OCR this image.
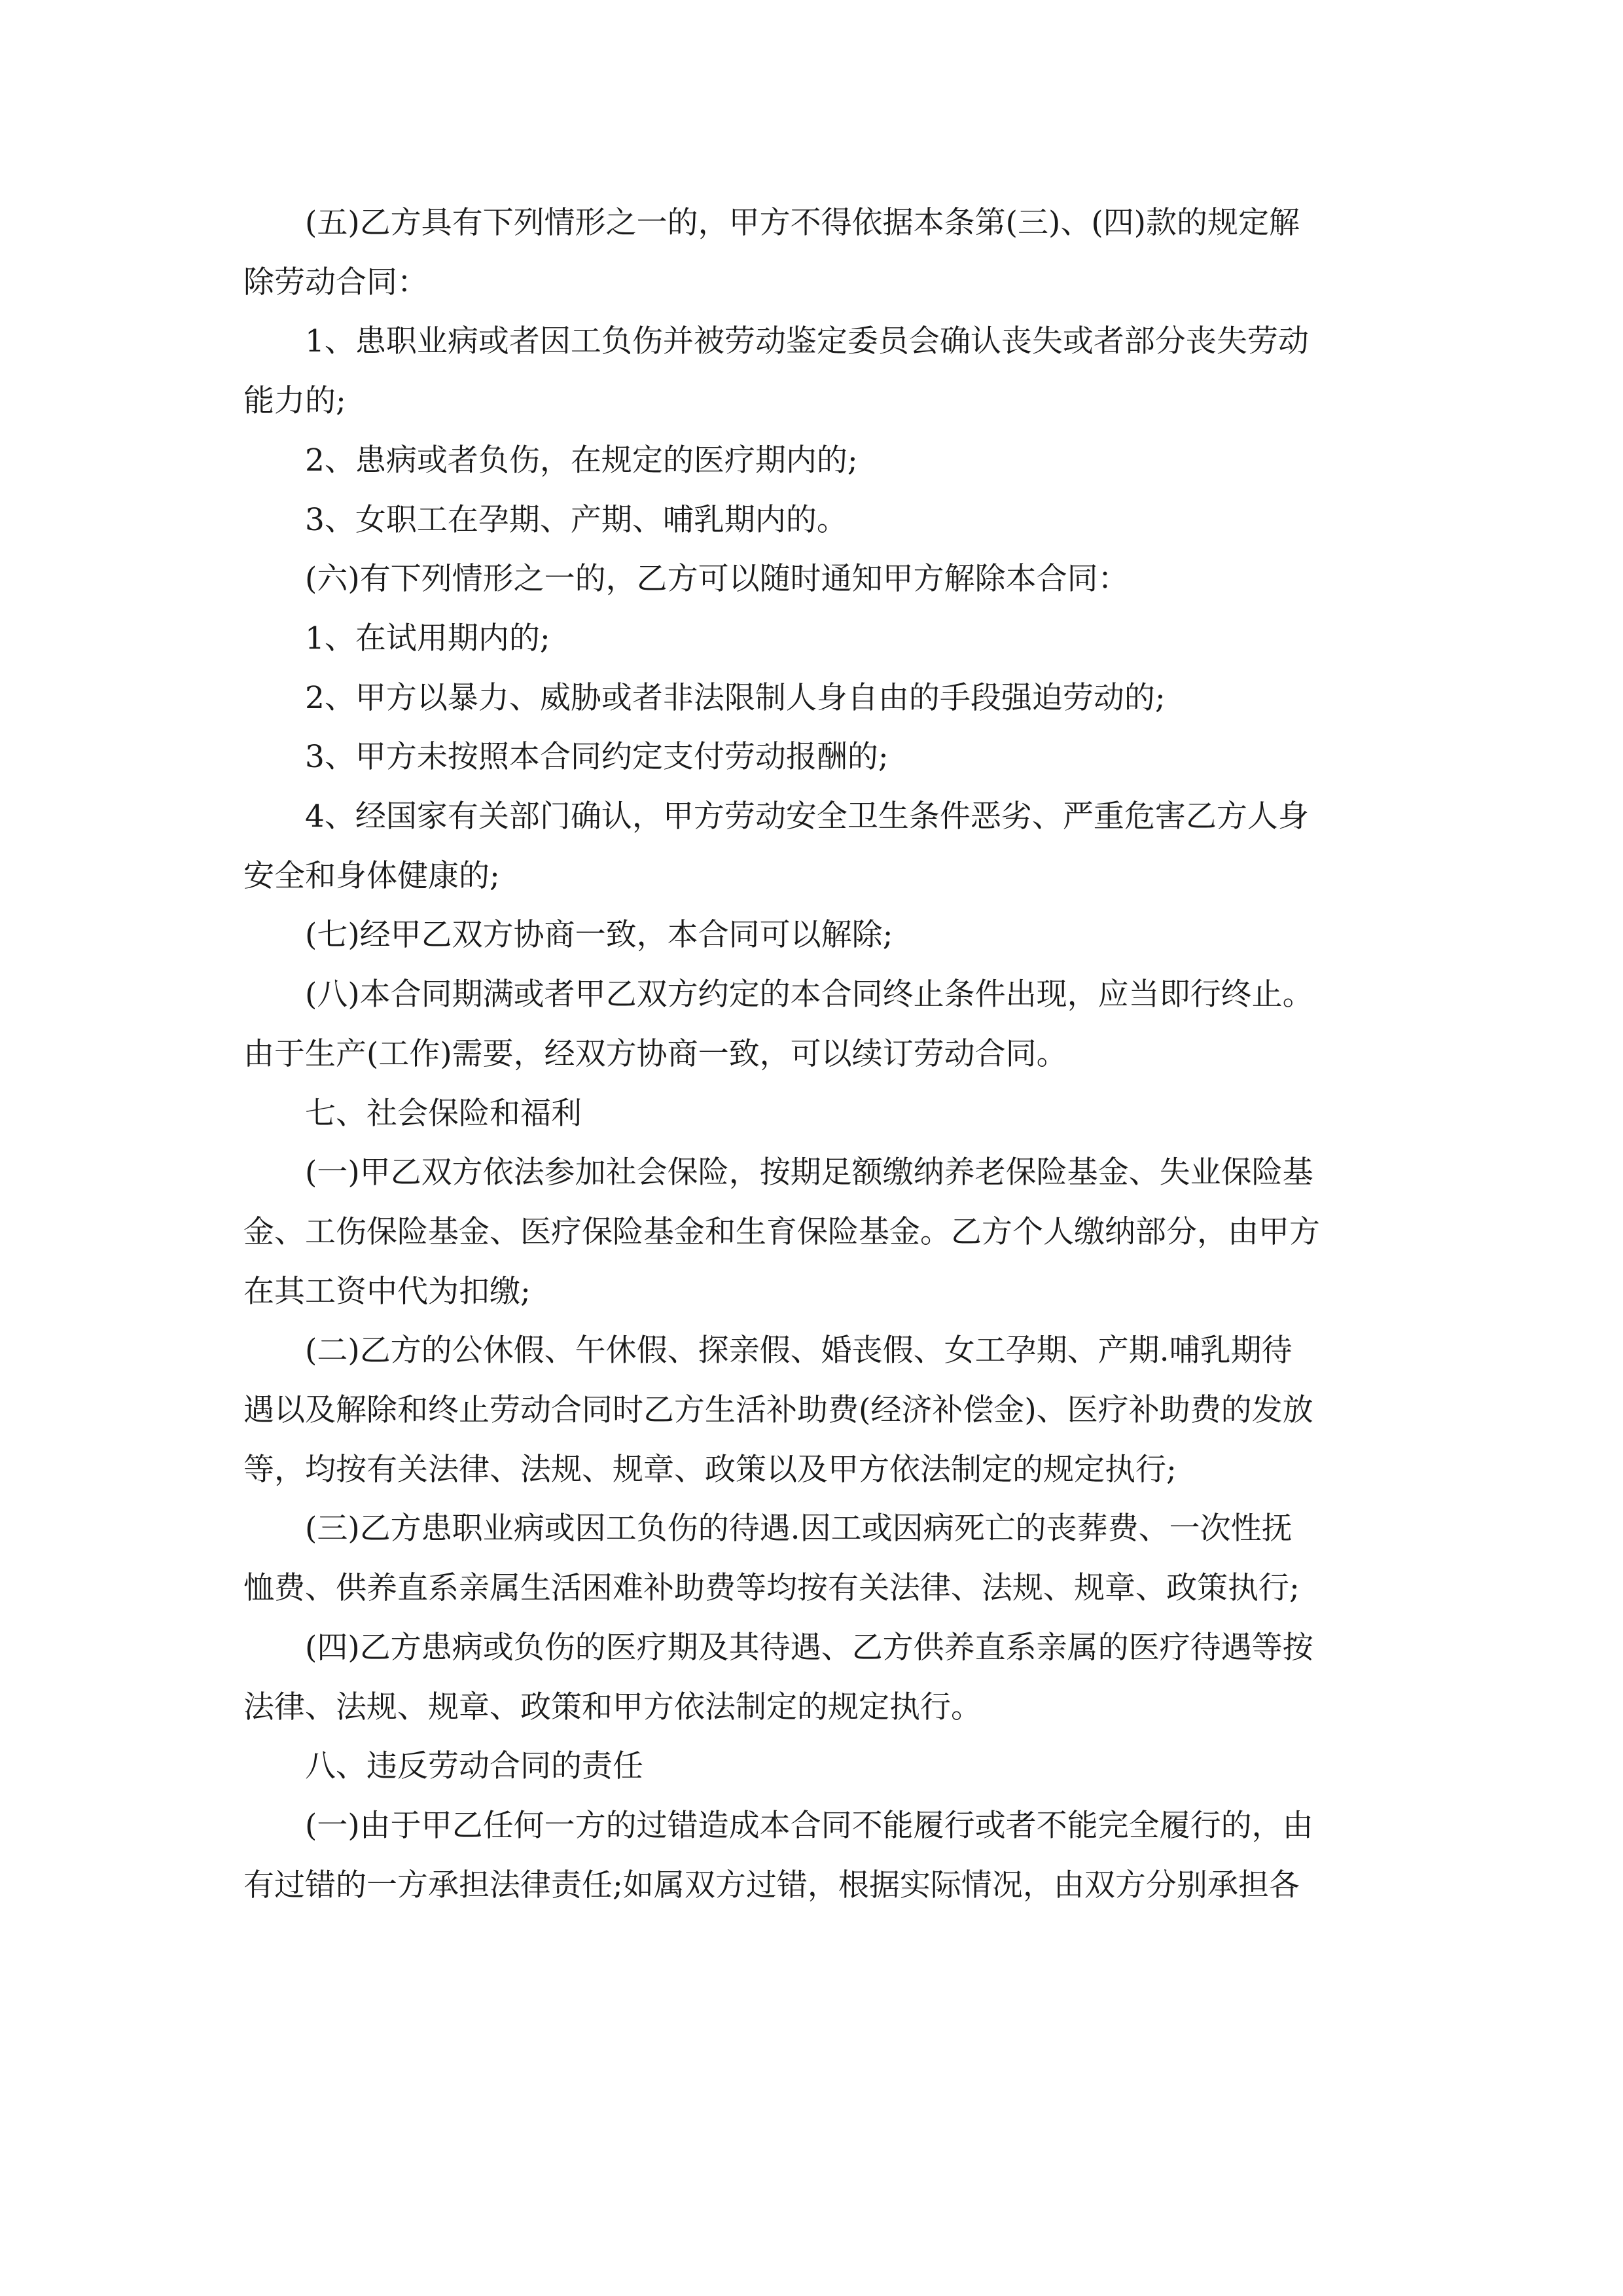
(五)乙方具有下列情形之一的，甲方不得依据本条第(三)、(四)款的规定解
除劳动合同：
1、患职业病或者因工负伤并被劳动鉴定委员会确认丧失或者部分丧失劳动
能力的;
2、患病或者负伤，在规定的医疗期内的;
3、女职工在孕期、产期、哺乳期内的。
(六)有下列情形之一的，乙方可以随时通知甲方解除本合同：
1、在试用期内的;
2、甲方以暴力、威胁或者非法限制人身自由的手段强迫劳动的;
3、甲方未按照本合同约定支付劳动报酬的;
4、经国家有关部门确认，甲方劳动安全卫生条件恶劣、严重危害乙方人身
安全和身体健康的;
(七)经甲乙双方协商一致，本合同可以解除;
(八)本合同期满或者甲乙双方约定的本合同终止条件出现，应当即行终止。
由于生产(工作)需要，经双方协商一致，可以续订劳动合同。
七、社会保险和福利
(一)甲乙双方依法参加社会保险，按期足额缴纳养老保险基金、失业保险基
金、工伤保险基金、医疗保险基金和生育保险基金。乙方个人缴纳部分，由甲方
在其工资中代为扣缴;
(二)乙方的公休假、午休假、探亲假、婚丧假、女工孕期、产期.哺乳期待
遇以及解除和终止劳动合同时乙方生活补助费(经济补偿金)、医疗补助费的发放
等，均按有关法律、法规、规章、政策以及甲方依法制定的规定执行;
(三)乙方患职业病或因工负伤的待遇.因工或因病死亡的丧葬费、一次性抚
恤费、供养直系亲属生活困难补助费等均按有关法律、法规、规章、政策执行;
(四)乙方患病或负伤的医疗期及其待遇、乙方供养直系亲属的医疗待遇等按
法律、法规、规章、政策和甲方依法制定的规定执行。
八、违反劳动合同的责任
(一)由于甲乙任何一方的过错造成本合同不能履行或者不能完全履行的，由
有过错的一方承担法律责任;如属双方过错，根据实际情况，由双方分别承担各
